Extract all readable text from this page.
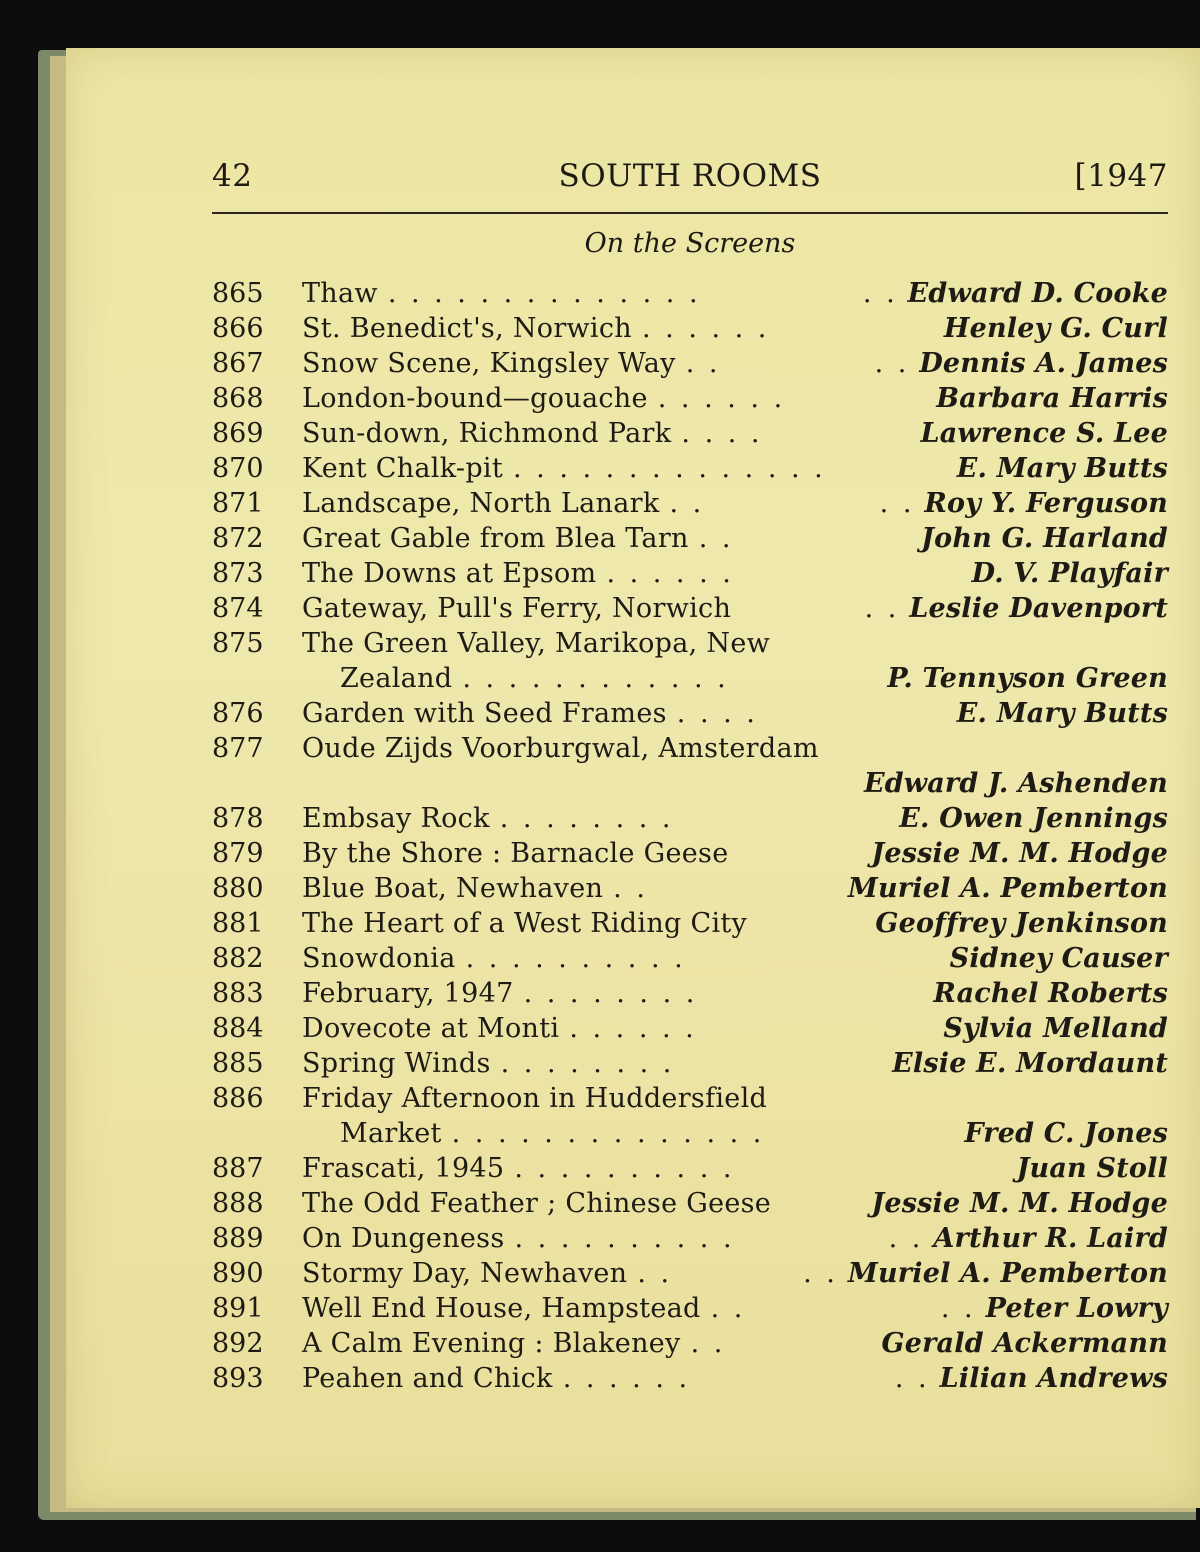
42	SOUTH ROOMS	[1947
On the Screens
865	Thaw . . . . . . . . . . . . . .	. . Edward D. Cooke
866	St. Benedict's, Norwich . . . . . .	Henley G. Curl
867	Snow Scene, Kingsley Way . .	. . Dennis A. James
868	London-bound—gouache . . . . . .	Barbara Harris
869	Sun-down, Richmond Park . . . .	Lawrence S. Lee
870	Kent Chalk-pit . . . . . . . . . . . . . .	E. Mary Butts
871	Landscape, North Lanark . .	. . Roy Y. Ferguson
872	Great Gable from Blea Tarn . .	John G. Harland
873	The Downs at Epsom . . . . . .	D. V. Playfair
874	Gateway, Pull's Ferry, Norwich	. . Leslie Davenport
875	The Green Valley, Marikopa, New
Zealand . . . . . . . . . . . .	P. Tennyson Green
876	Garden with Seed Frames . . . .	E. Mary Butts
877	Oude Zijds Voorburgwal, Amsterdam
Edward J. Ashenden
878	Embsay Rock . . . . . . . .	E. Owen Jennings
879	By the Shore : Barnacle Geese	Jessie M. M. Hodge
880	Blue Boat, Newhaven . .	Muriel A. Pemberton
881	The Heart of a West Riding City	Geoffrey Jenkinson
882	Snowdonia . . . . . . . . . .	Sidney Causer
883	February, 1947 . . . . . . . .	Rachel Roberts
884	Dovecote at Monti . . . . . .	Sylvia Melland
885	Spring Winds . . . . . . . .	Elsie E. Mordaunt
886	Friday Afternoon in Huddersfield
Market . . . . . . . . . . . . . .	Fred C. Jones
887	Frascati, 1945 . . . . . . . . . .	Juan Stoll
888	The Odd Feather ; Chinese Geese	Jessie M. M. Hodge
889	On Dungeness . . . . . . . . . .	. . Arthur R. Laird
890	Stormy Day, Newhaven . .	. . Muriel A. Pemberton
891	Well End House, Hampstead . .	. . Peter Lowry
892	A Calm Evening : Blakeney . .	Gerald Ackermann
893	Peahen and Chick . . . . . .	. . Lilian Andrews
